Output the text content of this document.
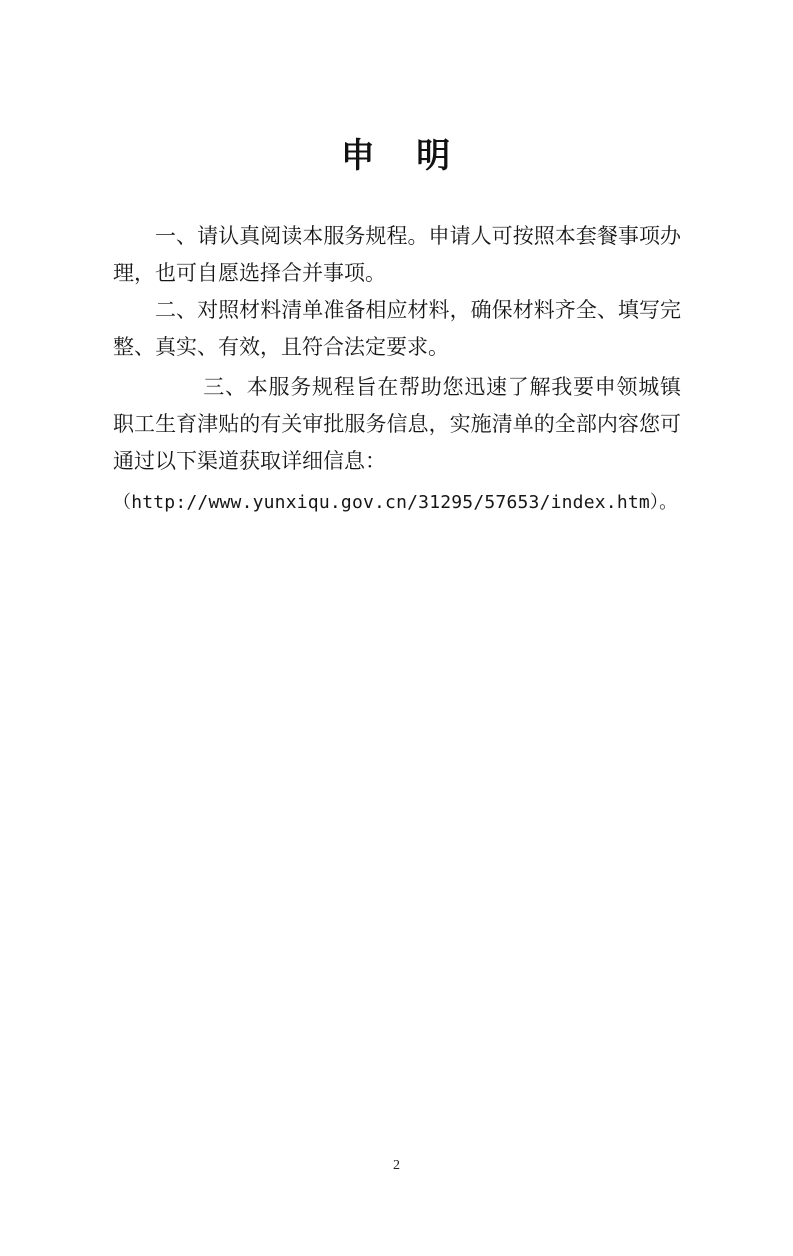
申 明

一、请认真阅读本服务规程。申请人可按照本套餐事项办理，也可自愿选择合并事项。

二、对照材料清单准备相应材料，确保材料齐全、填写完整、真实、有效，且符合法定要求。

三、本服务规程旨在帮助您迅速了解我要申领城镇职工生育津贴的有关审批服务信息，实施清单的全部内容您可通过以下渠道获取详细信息：

（http://www.yunxiqu.gov.cn/31295/57653/index.htm）。

2
